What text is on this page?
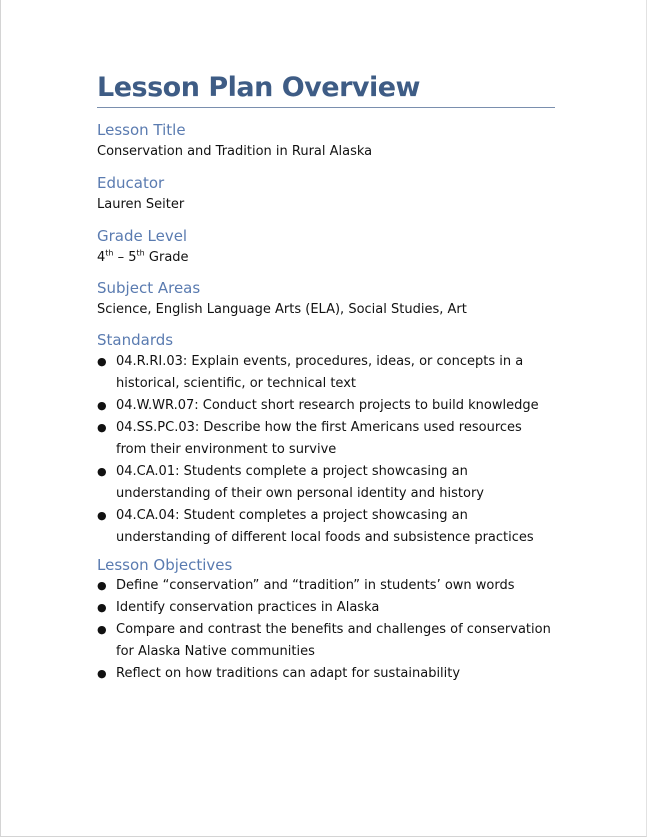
Lesson Plan Overview
Lesson Title

Conservation and Tradition in Rural Alaska

Educator

Lauren Seiter

Grade Level

4th – 5th Grade

Subject Areas

Science, English Language Arts (ELA), Social Studies, Art

Standards
● 04.R.RI.03: Explain events, procedures, ideas, or concepts in a historical, scientific, or technical text
● 04.W.WR.07: Conduct short research projects to build knowledge
● 04.SS.PC.03: Describe how the first Americans used resources from their environment to survive
● 04.CA.01: Students complete a project showcasing an understanding of their own personal identity and history
● 04.CA.04: Student completes a project showcasing an understanding of different local foods and subsistence practices
Lesson Objectives
● Define “conservation” and “tradition” in students’ own words
● Identify conservation practices in Alaska
● Compare and contrast the benefits and challenges of conservation for Alaska Native communities
● Reflect on how traditions can adapt for sustainability
